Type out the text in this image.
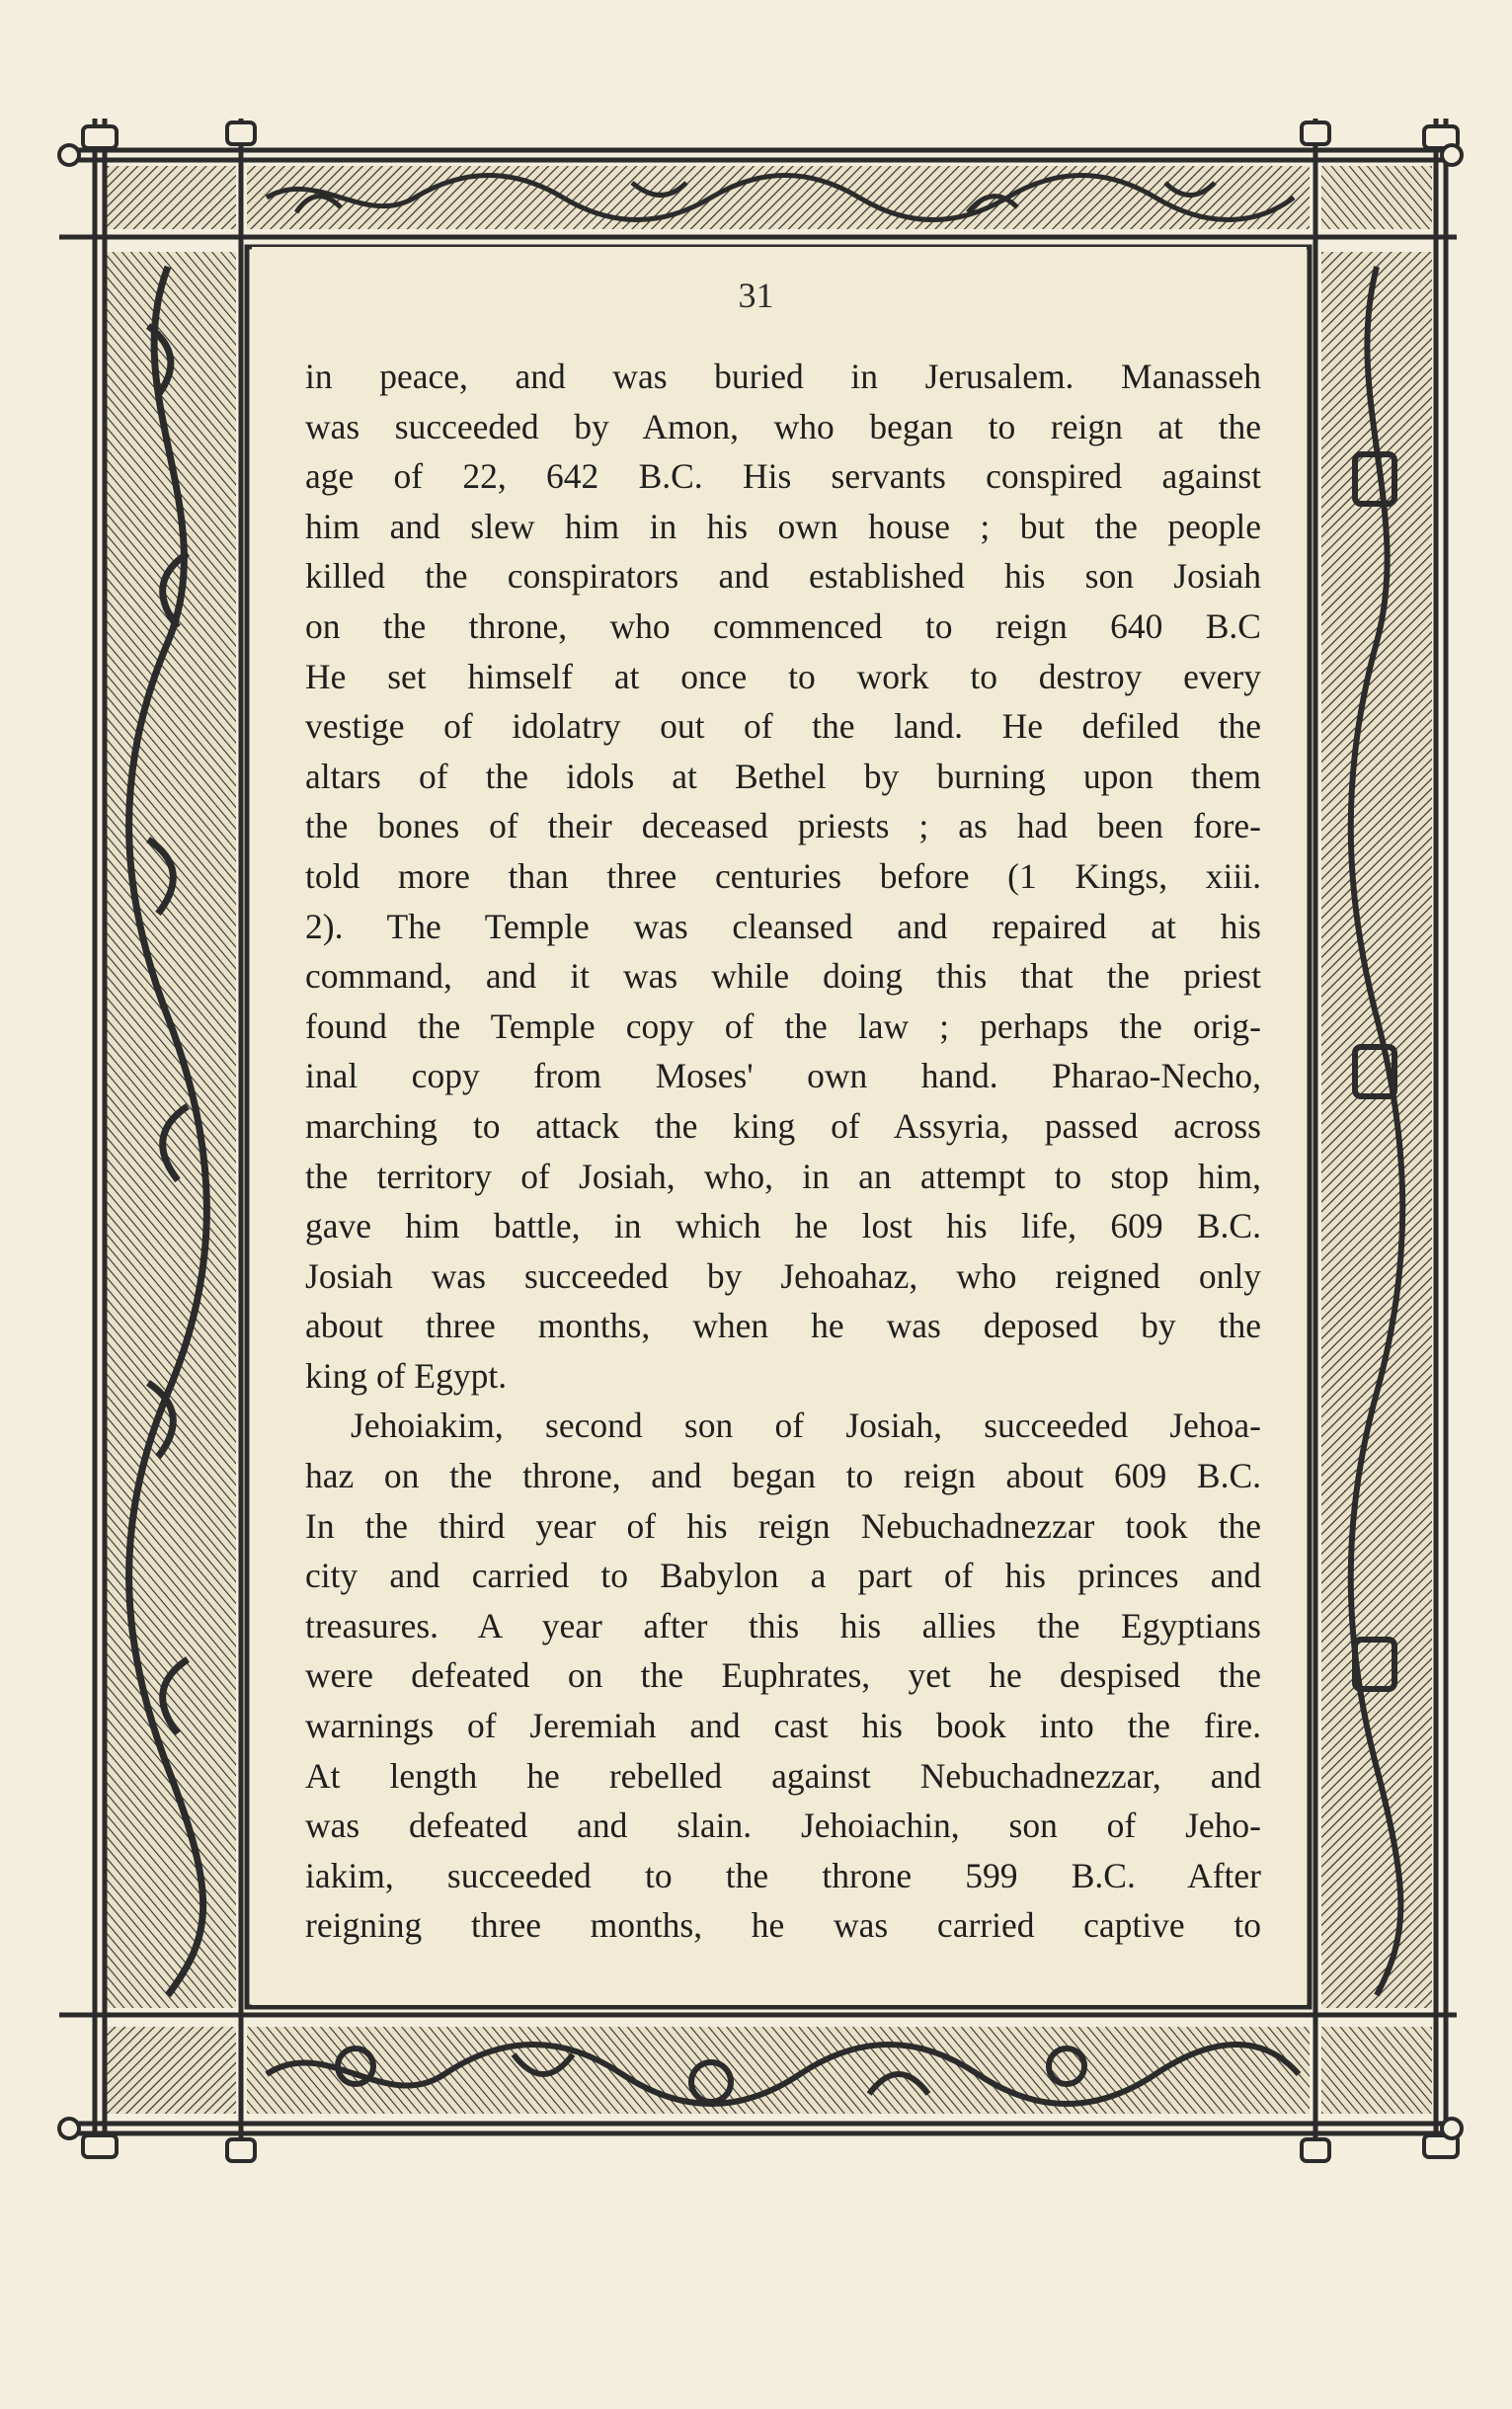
31
in peace, and was buried in Jerusalem. Manasseh
was succeeded by Amon, who began to reign at the
age of 22, 642 B.C. His servants conspired against
him and slew him in his own house ; but the people
killed the conspirators and established his son Josiah
on the throne, who commenced to reign 640 B.C
He set himself at once to work to destroy every
vestige of idolatry out of the land. He defiled the
altars of the idols at Bethel by burning upon them
the bones of their deceased priests ; as had been fore-
told more than three centuries before (1 Kings, xiii.
2). The Temple was cleansed and repaired at his
command, and it was while doing this that the priest
found the Temple copy of the law ; perhaps the orig-
inal copy from Moses' own hand. Pharao-Necho,
marching to attack the king of Assyria, passed across
the territory of Josiah, who, in an attempt to stop him,
gave him battle, in which he lost his life, 609 B.C.
Josiah was succeeded by Jehoahaz, who reigned only
about three months, when he was deposed by the
king of Egypt.
Jehoiakim, second son of Josiah, succeeded Jehoa-
haz on the throne, and began to reign about 609 B.C.
In the third year of his reign Nebuchadnezzar took the
city and carried to Babylon a part of his princes and
treasures. A year after this his allies the Egyptians
were defeated on the Euphrates, yet he despised the
warnings of Jeremiah and cast his book into the fire.
At length he rebelled against Nebuchadnezzar, and
was defeated and slain. Jehoiachin, son of Jeho-
iakim, succeeded to the throne 599 B.C. After
reigning three months, he was carried captive to
